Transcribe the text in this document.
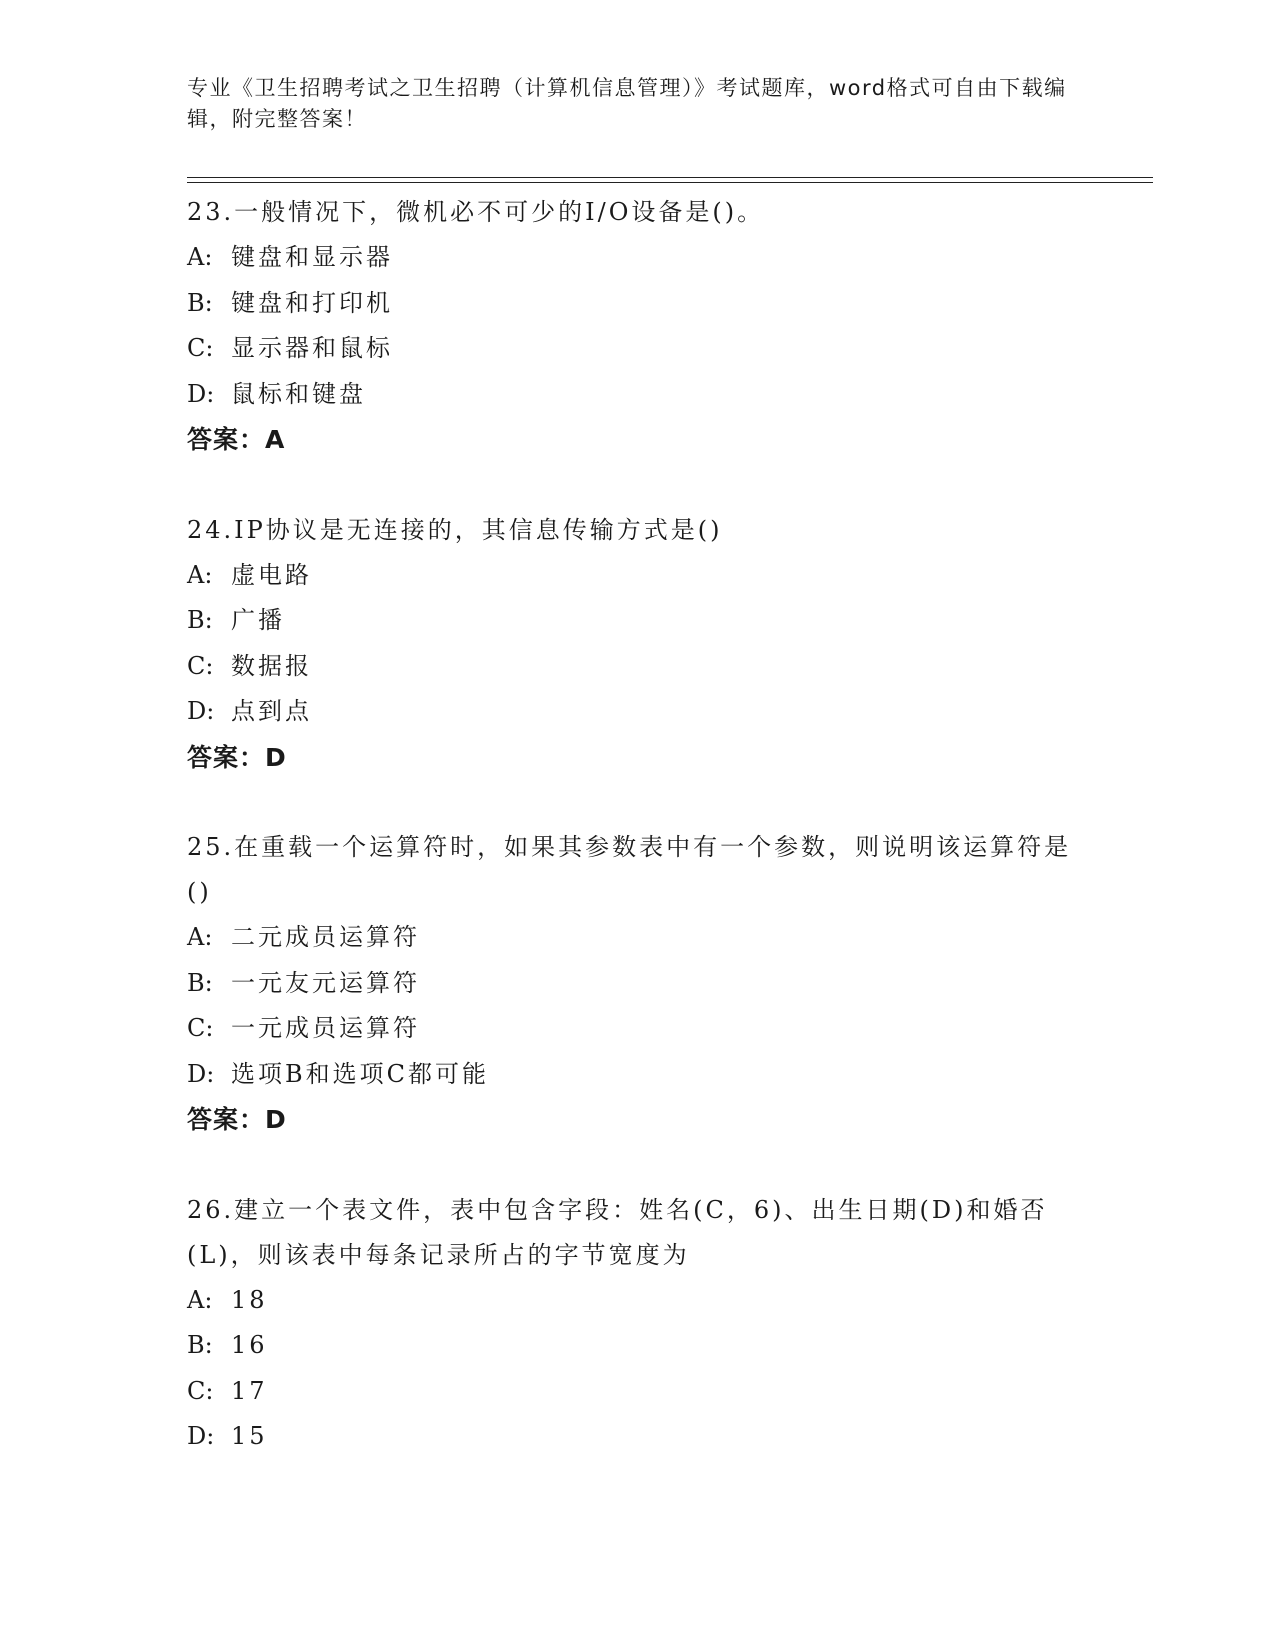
专业《卫生招聘考试之卫生招聘（计算机信息管理）》考试题库，word格式可自由下载编辑，附完整答案！

23.一般情况下，微机必不可少的I/O设备是()。

A: 键盘和显示器

B: 键盘和打印机

C: 显示器和鼠标

D: 鼠标和键盘

答案：A

24.IP协议是无连接的，其信息传输方式是()

A: 虚电路

B: 广播

C: 数据报

D: 点到点

答案：D

25.在重载一个运算符时，如果其参数表中有一个参数，则说明该运算符是()

A: 二元成员运算符

B: 一元友元运算符

C: 一元成员运算符

D: 选项B和选项C都可能

答案：D

26.建立一个表文件，表中包含字段：姓名(C，6)、出生日期(D)和婚否(L)，则该表中每条记录所占的字节宽度为

A: 18

B: 16

C: 17

D: 15
